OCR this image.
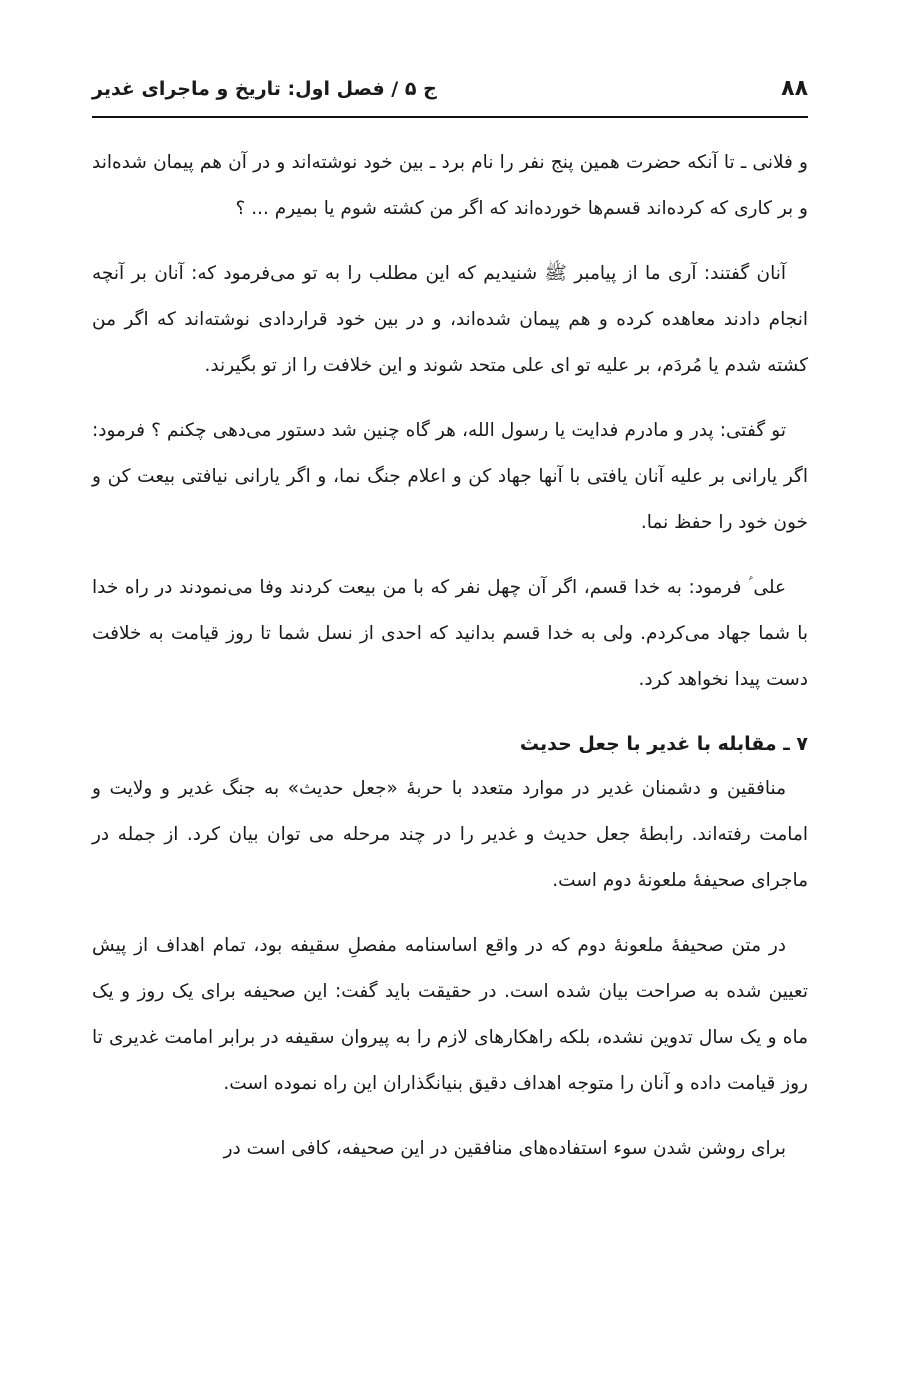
۸۸
ج ۵ / فصل اول: تاریخ و ماجرای غدیر

و فلانی ـ تا آنکه حضرت همین پنج نفر را نام برد ـ بین خود نوشته‌اند و در آن هم پیمان شده‌اند و بر کاری که کرده‌اند قسم‌ها خورده‌اند که اگر من کشته شوم یا بمیرم ... ؟

آنان گفتند: آری ما از پیامبر ﷺ شنیدیم که این مطلب را به تو می‌فرمود که: آنان بر آنچه انجام دادند معاهده کرده و هم پیمان شده‌اند، و در بین خود قراردادی نوشته‌اند که اگر من کشته شدم یا مُردَم، بر علیه تو ای علی متحد شوند و این خلافت را از تو بگیرند.

تو گفتی: پدر و مادرم فدایت یا رسول الله، هر گاه چنین شد دستور می‌دهی چکنم ؟ فرمود: اگر یارانی بر علیه آنان یافتی با آنها جهاد کن و اعلام جنگ نما، و اگر یارانی نیافتی بیعت کن و خون خود را حفظ نما.

علی ؑ فرمود: به خدا قسم، اگر آن چهل نفر که با من بیعت کردند وفا می‌نمودند در راه خدا با شما جهاد می‌کردم. ولی به خدا قسم بدانید که احدی از نسل شما تا روز قیامت به خلافت دست پیدا نخواهد کرد.

۷ ـ مقابله با غدیر با جعل حدیث

منافقین و دشمنان غدیر در موارد متعدد با حربهٔ «جعل حدیث» به جنگ غدیر و ولایت و امامت رفته‌اند. رابطهٔ جعل حدیث و غدیر را در چند مرحله می توان بیان کرد. از جمله در ماجرای صحیفهٔ ملعونهٔ دوم است.

در متن صحیفهٔ ملعونهٔ دوم که در واقع اساسنامه مفصلِ سقیفه بود، تمام اهداف از پیش تعیین شده به صراحت بیان شده است. در حقیقت باید گفت: این صحیفه برای یک روز و یک ماه و یک سال تدوین نشده، بلکه راهکارهای لازم را به پیروان سقیفه در برابر امامت غدیری تا روز قیامت داده و آنان را متوجه اهداف دقیق بنیانگذاران این راه نموده است.

برای روشن شدن سوء استفاده‌های منافقین در این صحیفه، کافی است در
